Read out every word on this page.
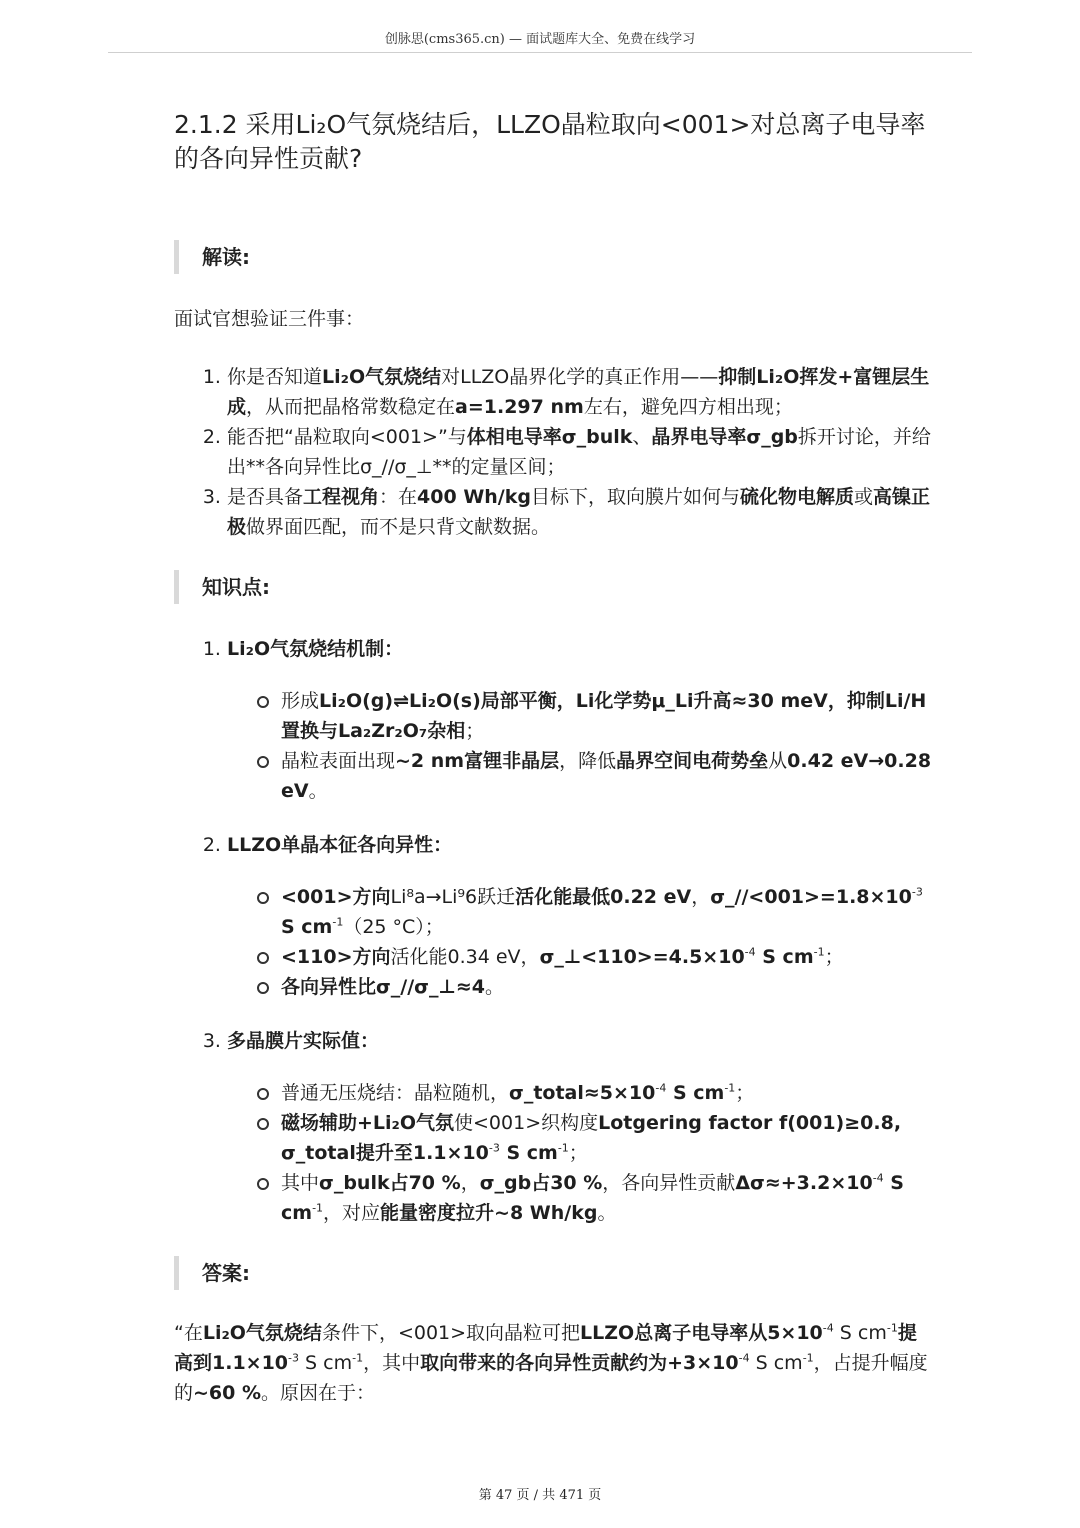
创脉思(cms365.cn) — 面试题库大全、免费在线学习
2.1.2 采用Li₂O气氛烧结后，LLZO晶粒取向<001>对总离子电导率的各向异性贡献?
解读:

面试官想验证三件事：

1. 你是否知道Li₂O气氛烧结对LLZO晶界化学的真正作用——抑制Li₂O挥发+富锂层生成，从而把晶格常数稳定在a=1.297 nm左右，避免四方相出现；
2. 能否把“晶粒取向<001>”与体相电导率σ_bulk、晶界电导率σ_gb拆开讨论，并给出**各向异性比σ_//σ_⊥**的定量区间；
3. 是否具备工程视角：在400 Wh/kg目标下，取向膜片如何与硫化物电解质或高镍正极做界面匹配，而不是只背文献数据。
知识点:
1. Li₂O气氛烧结机制：
形成Li₂O(g)⇌Li₂O(s)局部平衡，Li化学势μ_Li升高≈30 meV，抑制Li/H置换与La₂Zr₂O₇杂相；
晶粒表面出现~2 nm富锂非晶层，降低晶界空间电荷势垒从0.42 eV→0.28 eV。
2. LLZO单晶本征各向异性：
<001>方向Li⁸a→Li⁹6跃迁活化能最低0.22 eV，$\sigma\_//<001>=1.8\times 10^{-3}$ S $cm^{-1}(25$ °C）；
<110>方向活化能0.34 eV，$\sigma\_\perp<110>=4.5\times 10^{-4}$ S $cm^{-1}$；
各向异性比σ_//σ_⊥≈4。
3. 多晶膜片实际值：
普通无压烧结：晶粒随机，$\sigma\_total\approx 5\times 10^{-4}$ S $cm^{-1}$；
磁场辅助+Li₂O气氛使<001>织构度Lotgering factor f(001)≥0.8, σ_total提升至$1.1\times 10^{-3}$ S $cm^{-1}$；
其中σ_bulk占70 %，σ_gb占30 %，各向异性贡献$\Delta\sigma\approx+3.2\times 10^{-4}$ S $cm^{-1}$，对应能量密度拉升~8 Wh/kg。
答案:
“在Li₂O气氛烧结条件下，<001>取向晶粒可把LLZO总离子电导率从$5\times 10^{-4}$ S $cm^{-1}$提高到$1.1\times 10^{-3}$ S $cm^{-1}$，其中取向带来的各向异性贡献约为$+3\times 10^{-4}$ S $cm^{-1}$，占提升幅度的~60 %。原因在于：
第 47 页 / 共 471 页
